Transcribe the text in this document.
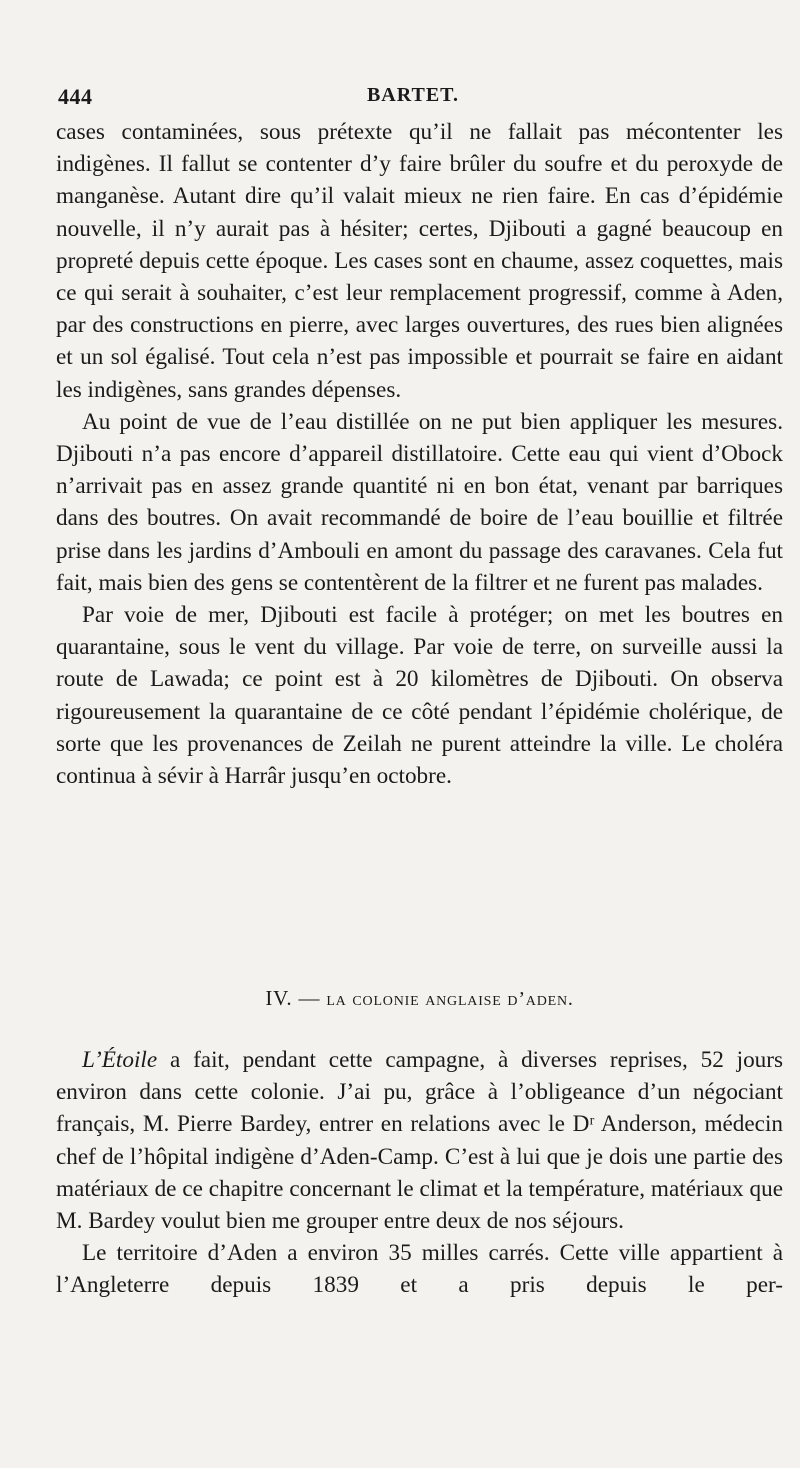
444	BARTET.

cases contaminées, sous prétexte qu’il ne fallait pas mécontenter les indigènes. Il fallut se contenter d’y faire brûler du soufre et du peroxyde de manganèse. Autant dire qu’il valait mieux ne rien faire. En cas d’épidémie nouvelle, il n’y aurait pas à hésiter; certes, Djibouti a gagné beaucoup en propreté depuis cette époque. Les cases sont en chaume, assez coquettes, mais ce qui serait à souhaiter, c’est leur remplacement progressif, comme à Aden, par des constructions en pierre, avec larges ouvertures, des rues bien alignées et un sol égalisé. Tout cela n’est pas impossible et pourrait se faire en aidant les indigènes, sans grandes dépenses.

Au point de vue de l’eau distillée on ne put bien appliquer les mesures. Djibouti n’a pas encore d’appareil distillatoire. Cette eau qui vient d’Obock n’arrivait pas en assez grande quantité ni en bon état, venant par barriques dans des boutres. On avait recommandé de boire de l’eau bouillie et filtrée prise dans les jardins d’Ambouli en amont du passage des caravanes. Cela fut fait, mais bien des gens se contentèrent de la filtrer et ne furent pas malades.

Par voie de mer, Djibouti est facile à protéger; on met les boutres en quarantaine, sous le vent du village. Par voie de terre, on surveille aussi la route de Lawada; ce point est à 20 kilomètres de Djibouti. On observa rigoureusement la quarantaine de ce côté pendant l’épidémie cholérique, de sorte que les provenances de Zeilah ne purent atteindre la ville. Le choléra continua à sévir à Harrâr jusqu’en octobre.

IV. — la colonie anglaise d’aden.

L’Étoile a fait, pendant cette campagne, à diverses reprises, 52 jours environ dans cette colonie. J’ai pu, grâce à l’obligeance d’un négociant français, M. Pierre Bardey, entrer en relations avec le Dʳ Anderson, médecin chef de l’hôpital indigène d’Aden-Camp. C’est à lui que je dois une partie des matériaux de ce chapitre concernant le climat et la température, matériaux que M. Bardey voulut bien me grouper entre deux de nos séjours.

Le territoire d’Aden a environ 35 milles carrés. Cette ville appartient à l’Angleterre depuis 1839 et a pris depuis le per-
